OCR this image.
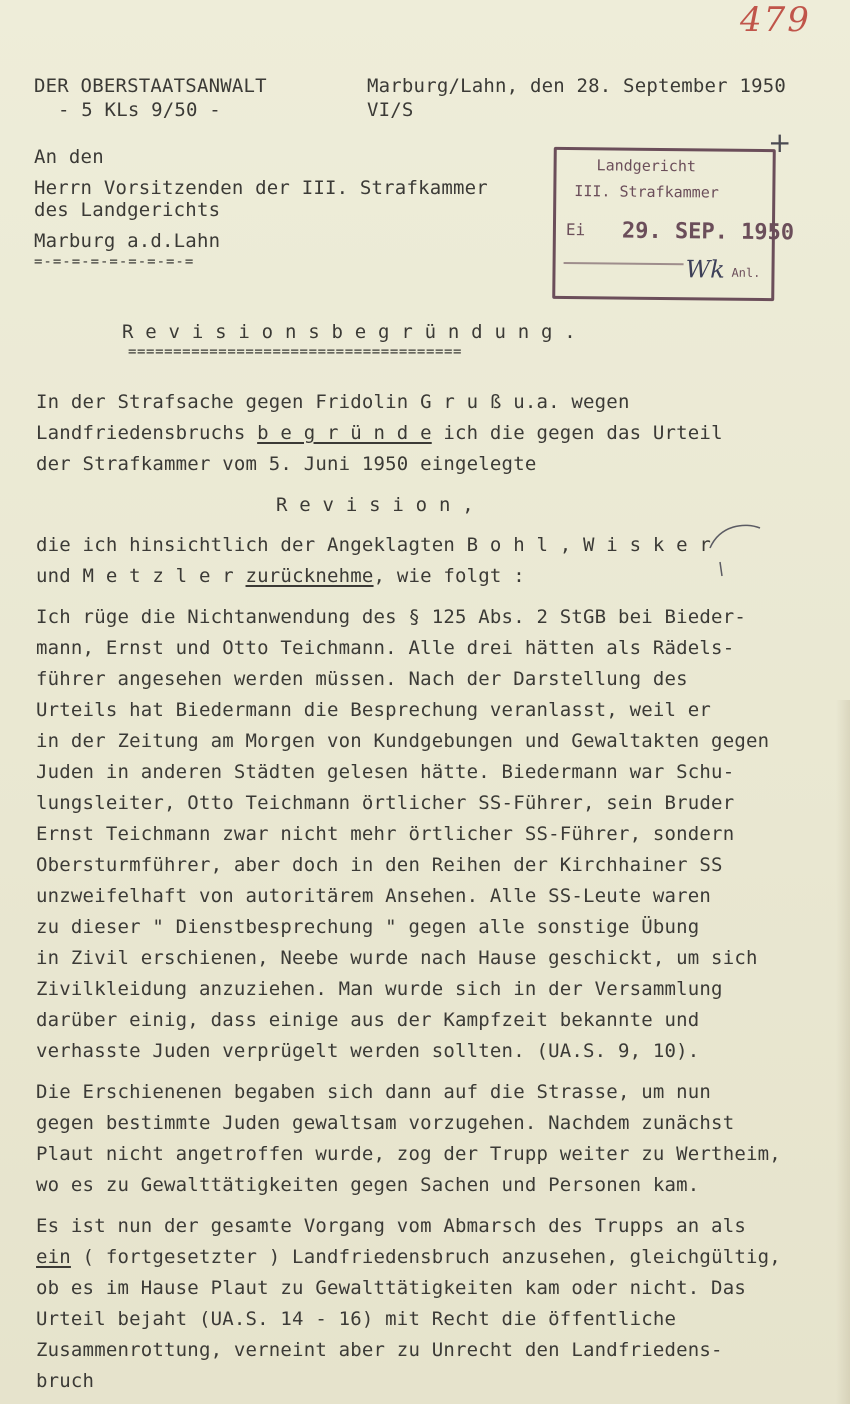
479
DER OBERSTAATSANWALT
- 5 KLs 9/50 -
Marburg/Lahn, den 28. September 1950
VI/S
An den
Herrn Vorsitzenden der III. Strafkammer
des Landgerichts
Marburg a.d.Lahn
=-=-=-=-=-=-=-=-=
Landgericht
III. Strafkammer
Ei 29. SEP. 1950
Wk Anl.
+
R e v i s i o n s b e g r ü n d u n g .
=====================================
In der Strafsache gegen Fridolin G r u ß u.a. wegen
Landfriedensbruchs b e g r ü n d e ich die gegen das Urteil
der Strafkammer vom 5. Juni 1950 eingelegte
R e v i s i o n ,
die ich hinsichtlich der Angeklagten B o h l , W i s k e r
und M e t z l e r zurücknehme, wie folgt :
Ich rüge die Nichtanwendung des § 125 Abs. 2 StGB bei Bieder-
mann, Ernst und Otto Teichmann. Alle drei hätten als Rädels-
führer angesehen werden müssen. Nach der Darstellung des
Urteils hat Biedermann die Besprechung veranlasst, weil er
in der Zeitung am Morgen von Kundgebungen und Gewaltakten gegen
Juden in anderen Städten gelesen hätte. Biedermann war Schu-
lungsleiter, Otto Teichmann örtlicher SS-Führer, sein Bruder
Ernst Teichmann zwar nicht mehr örtlicher SS-Führer, sondern
Obersturmführer, aber doch in den Reihen der Kirchhainer SS
unzweifelhaft von autoritärem Ansehen. Alle SS-Leute waren
zu dieser " Dienstbesprechung " gegen alle sonstige Übung
in Zivil erschienen, Neebe wurde nach Hause geschickt, um sich
Zivilkleidung anzuziehen. Man wurde sich in der Versammlung
darüber einig, dass einige aus der Kampfzeit bekannte und
verhasste Juden verprügelt werden sollten. (UA.S. 9, 10).
Die Erschienenen begaben sich dann auf die Strasse, um nun
gegen bestimmte Juden gewaltsam vorzugehen. Nachdem zunächst
Plaut nicht angetroffen wurde, zog der Trupp weiter zu Wertheim,
wo es zu Gewalttätigkeiten gegen Sachen und Personen kam.
Es ist nun der gesamte Vorgang vom Abmarsch des Trupps an als
ein ( fortgesetzter ) Landfriedensbruch anzusehen, gleichgültig,
ob es im Hause Plaut zu Gewalttätigkeiten kam oder nicht. Das
Urteil bejaht (UA.S. 14 - 16) mit Recht die öffentliche
Zusammenrottung, verneint aber zu Unrecht den Landfriedens-
bruch
